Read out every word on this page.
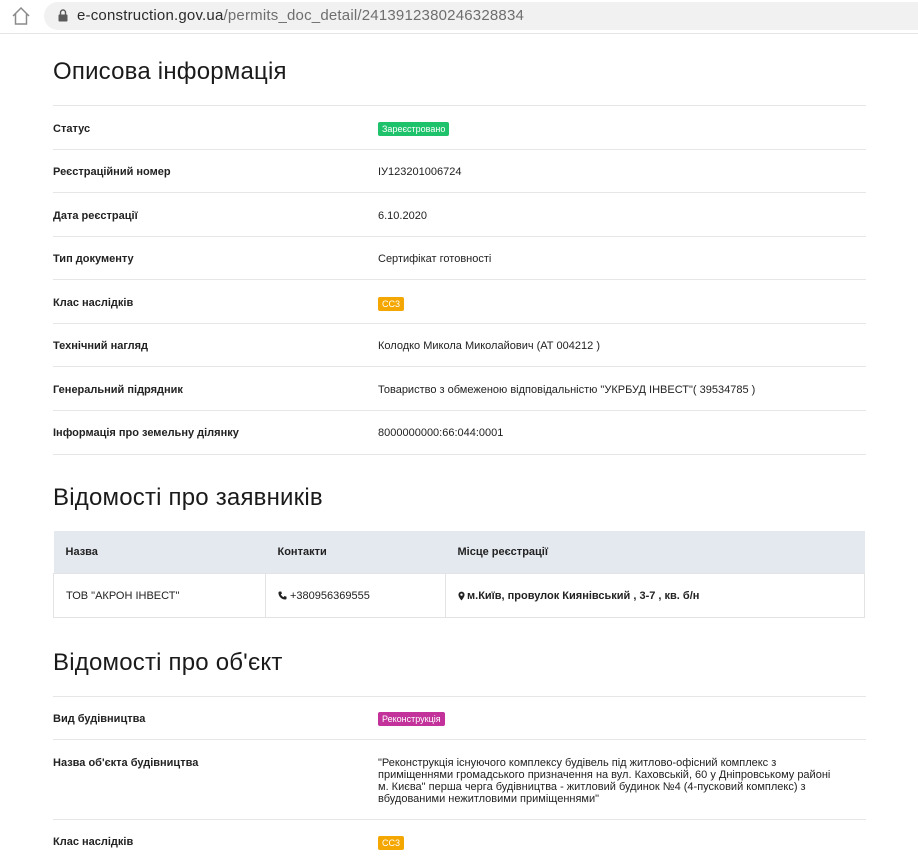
e-construction.gov.ua/permits_doc_detail/2413912380246328834
Описова інформація
Статус	Зареєстровано
Реєстраційний номер	ІУ123201006724
Дата реєстрації	6.10.2020
Тип документу	Сертифікат готовності
Клас наслідків	СС3
Технічний нагляд	Колодко Микола Миколайович (АТ 004212 )
Генеральний підрядник	Товариство з обмеженою відповідальністю "УКРБУД ІНВЕСТ"( 39534785 )
Інформація про земельну ділянку	8000000000:66:044:0001
Відомості про заявників
Назва	Контакти	Місце реєстрації
ТОВ "АКРОН ІНВЕСТ"	+380956369555	м.Київ, провулок Киянівський , 3-7 , кв. б/н
Відомості про об'єкт
Вид будівництва	Реконструкція
Назва об'єкта будівництва	"Реконструкція існуючого комплексу будівель під житлово-офісний комплекс з приміщеннями громадського призначення на вул. Каховській, 60 у Дніпровському районі м. Києва" перша черга будівництва - житловий будинок №4 (4-пусковий комплекс) з вбудованими нежитловими приміщеннями"
Клас наслідків	СС3
